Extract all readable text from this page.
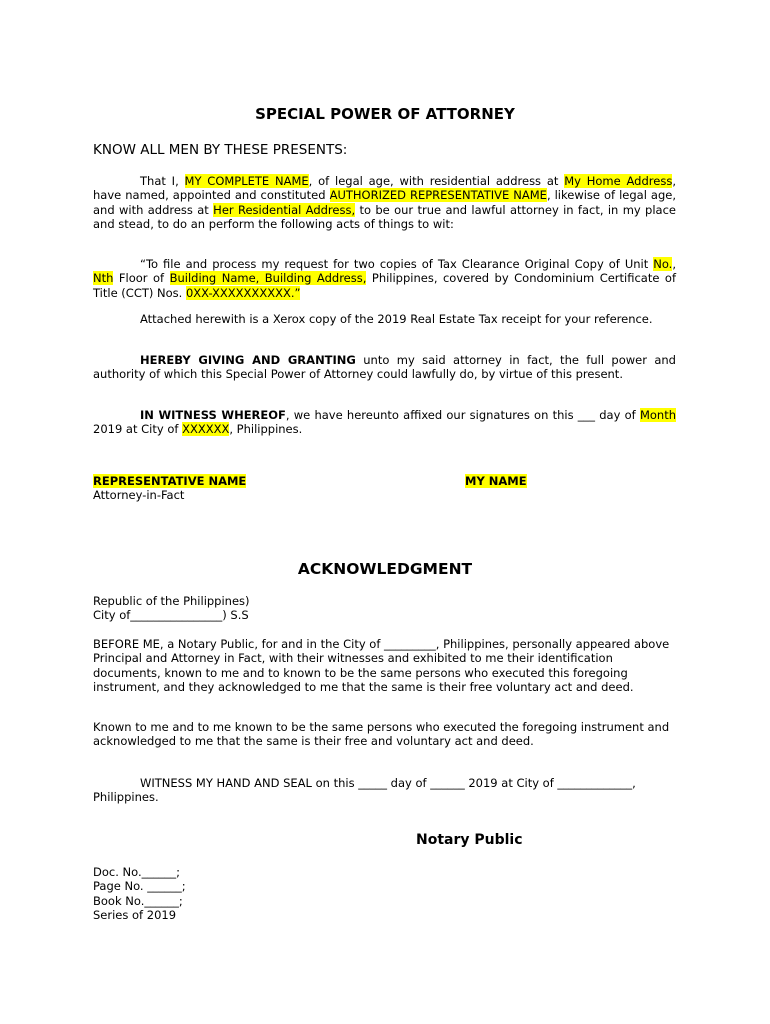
SPECIAL POWER OF ATTORNEY
KNOW ALL MEN BY THESE PRESENTS:
That I, MY COMPLETE NAME, of legal age, with residential address at My Home Address, have named, appointed and constituted AUTHORIZED REPRESENTATIVE NAME, likewise of legal age, and with address at Her Residential Address, to be our true and lawful attorney in fact, in my place and stead, to do an perform the following acts of things to wit:
“To file and process my request for two copies of Tax Clearance Original Copy of Unit No., Nth Floor of Building Name, Building Address, Philippines, covered by Condominium Certificate of Title (CCT) Nos. 0XX-XXXXXXXXXX.”
Attached herewith is a Xerox copy of the 2019 Real Estate Tax receipt for your reference.
HEREBY GIVING AND GRANTING unto my said attorney in fact, the full power and authority of which this Special Power of Attorney could lawfully do, by virtue of this present.
IN WITNESS WHEREOF, we have hereunto affixed our signatures on this ___ day of Month 2019 at City of XXXXXX, Philippines.
REPRESENTATIVE NAME
Attorney-in-Fact
MY NAME
ACKNOWLEDGMENT
Republic of the Philippines)
City of________________) S.S
BEFORE ME, a Notary Public, for and in the City of _________, Philippines, personally appeared above Principal and Attorney in Fact, with their witnesses and exhibited to me their identification documents, known to me and to known to be the same persons who executed this foregoing instrument, and they acknowledged to me that the same is their free voluntary act and deed.
Known to me and to me known to be the same persons who executed the foregoing instrument and acknowledged to me that the same is their free and voluntary act and deed.
WITNESS MY HAND AND SEAL on this _____ day of ______ 2019 at City of _____________, Philippines.
Notary Public
Doc. No.______;
Page No. ______;
Book No.______;
Series of 2019
